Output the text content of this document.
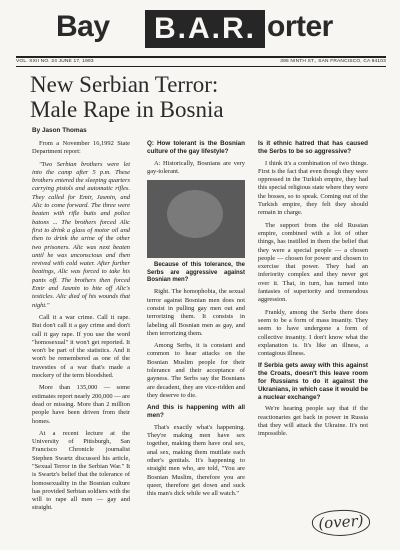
Bay	B.A.R. orter
VOL. XXII NO. 24 JUNE 17, 1993	395 NINTH ST., SAN FRANCISCO, CA 94103
New Serbian Terror:
Male Rape in Bosnia
By Jason Thomas

From a November 16,1992 State Department report:

"Two Serbian brothers were let into the camp after 5 p.m. These brothers entered the sleeping quarters carrying pistols and automatic rifles. They called for Emir, Jasmin, and Alic to come forward. The three were beaten with rifle butts and police batons ... The brothers forced Alic first to drink a glass of motor oil and then to drink the urine of the other two prisoners. Alic was next beaten until he was unconscious and then revived with cold water. After further beatings, Alic was forced to take his pants off. The brothers then forced Emir and Jasmin to bite off Alic's testicles. Alic died of his wounds that night."

Call it a war crime. Call it rape. But don't call it a gay crime and don't call it gay rape. If you use the word "homosexual" it won't get reported. It won't be part of the statistics. And it won't be remembered as one of the travesties of a war that's made a mockery of the term bloodshed.

More than 135,000 — some estimates report nearly 200,000 — are dead or missing. More than 2 million people have been driven from their homes.

At a recent lecture at the University of Pittsburgh, San Francisco Chronicle journalist Stephen Swartz discussed his article, "Sexual Terror in the Serbian War." It is Swartz's belief that the tolerance of homosexuality in the Bosnian culture has provided Serbian soldiers with the will to rape all men — gay and straight.

Q: How tolerant is the Bosnian culture of the gay lifestyle?

A: Historically, Bosnians are very gay-tolerant.

Because of this tolerance, the Serbs are aggressive against Bosnian men?

Right. The homophobia, the sexual terror against Bosnian men does not consist in pulling gay men out and terrorizing them. It consists in labeling all Bosnian men as gay, and then terrorizing them.

Among Serbs, it is constant and common to hear attacks on the Bosnian Muslim people for their tolerance and their acceptance of gayness. The Serbs say the Bosnians are decadent, they are vice-ridden and they deserve to die.

And this is happening with all men?

That's exactly what's happening. They're making men have sex together, making them have oral sex, anal sex, making them mutilate each other's genitals. It's happening to straight men who, are told, "You are Bosnian Muslim, therefore you are queer, therefore get down and suck this man's dick while we all watch."

Is it ethnic hatred that has caused the Serbs to be so aggressive?

I think it's a combination of two things. First is the fact that even though they were oppressed in the Turkish empire, they had this special religious state where they were the bosses, so to speak. Coming out of the Turkish empire, they felt they should remain in charge.

The support from the old Russian empire, combined with a lot of other things, has instilled in them the belief that they were a special people — a chosen people — chosen for power and chosen to exercise that power. They had an inferiority complex and they never got over it. That, in turn, has turned into fantasies of superiority and tremendous aggression.

Frankly, among the Serbs there does seem to be a form of mass insanity. They seem to have undergone a form of collective insanity. I don't know what the explanation is. It's like an illness, a contagious illness.

If Serbia gets away with this against the Croats, doesn't this leave room for Russians to do it against the Ukranians, in which case it would be a nuclear exchange?

We're hearing people say that if the reactionaries get back in power in Russia that they will attack the Ukraine. It's not impossible.

(over)
